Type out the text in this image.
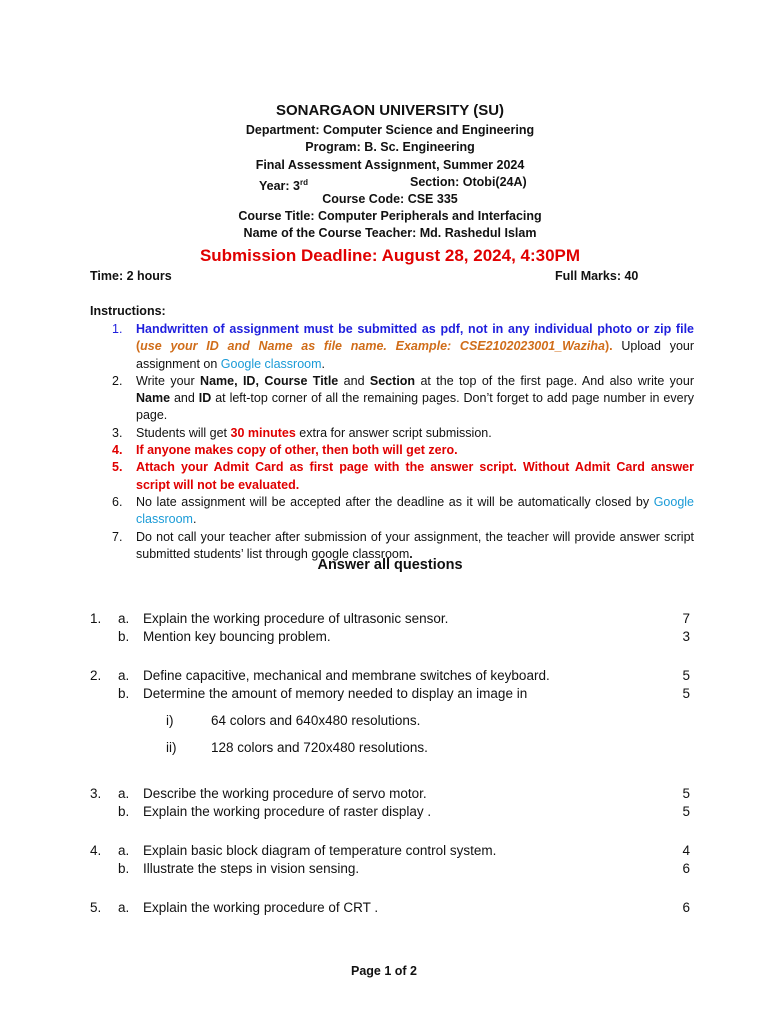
SONARGAON UNIVERSITY (SU)
Department: Computer Science and Engineering
Program: B. Sc. Engineering
Final Assessment Assignment, Summer 2024
Year: 3rd	Section: Otobi(24A)
Course Code: CSE 335
Course Title: Computer Peripherals and Interfacing
Name of the Course Teacher: Md. Rashedul Islam
Submission Deadline: August 28, 2024, 4:30PM
Time: 2 hours	Full Marks: 40
Instructions:
1. Handwritten of assignment must be submitted as pdf, not in any individual photo or zip file (use your ID and Name as file name. Example: CSE2102023001_Waziha). Upload your assignment on Google classroom.
2. Write your Name, ID, Course Title and Section at the top of the first page. And also write your Name and ID at left-top corner of all the remaining pages. Don’t forget to add page number in every page.
3. Students will get 30 minutes extra for answer script submission.
4. If anyone makes copy of other, then both will get zero.
5. Attach your Admit Card as first page with the answer script. Without Admit Card answer script will not be evaluated.
6. No late assignment will be accepted after the deadline as it will be automatically closed by Google classroom.
7. Do not call your teacher after submission of your assignment, the teacher will provide answer script submitted students’ list through google classroom.
Answer all questions
1. a. Explain the working procedure of ultrasonic sensor.	7
b. Mention key bouncing problem.	3
2. a. Define capacitive, mechanical and membrane switches of keyboard.	5
b. Determine the amount of memory needed to display an image in	5
i)	64 colors and 640x480 resolutions.
ii)	128 colors and 720x480 resolutions.
3. a. Describe the working procedure of servo motor.	5
b. Explain the working procedure of raster display .	5
4. a. Explain basic block diagram of temperature control system.	4
b. Illustrate the steps in vision sensing.	6
5. a. Explain the working procedure of CRT .	6
Page 1 of 2
